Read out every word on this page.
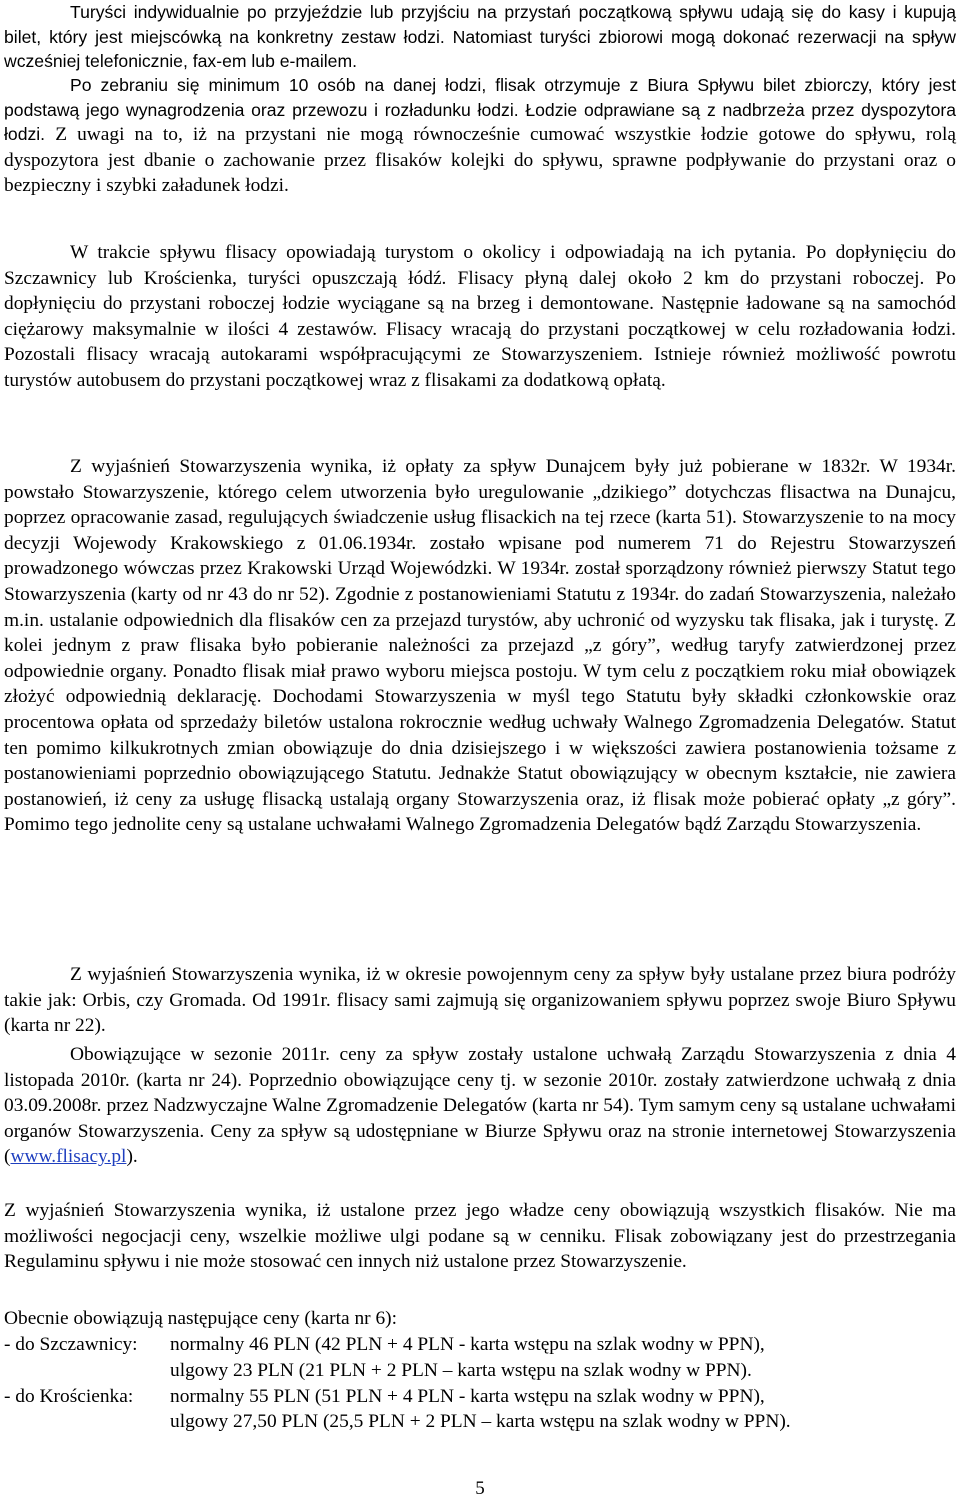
Turyści indywidualnie po przyjeździe lub przyjściu na przystań początkową spływu udają się do kasy i kupują bilet, który jest miejscówką na konkretny zestaw łodzi. Natomiast turyści zbiorowi mogą dokonać rezerwacji na spływ wcześniej telefonicznie, fax-em lub e-mailem.

Po zebraniu się minimum 10 osób na danej łodzi, flisak otrzymuje z Biura Spływu bilet zbiorczy, który jest podstawą jego wynagrodzenia oraz przewozu i rozładunku łodzi. Łodzie odprawiane są z nadbrzeża przez dyspozytora łodzi. Z uwagi na to, iż na przystani nie mogą równocześnie cumować wszystkie łodzie gotowe do spływu, rolą dyspozytora jest dbanie o zachowanie przez flisaków kolejki do spływu, sprawne podpływanie do przystani oraz o bezpieczny i szybki załadunek łodzi.

W trakcie spływu flisacy opowiadają turystom o okolicy i odpowiadają na ich pytania. Po dopłynięciu do Szczawnicy lub Krościenka, turyści opuszczają łódź. Flisacy płyną dalej około 2 km do przystani roboczej. Po dopłynięciu do przystani roboczej łodzie wyciągane są na brzeg i demontowane. Następnie ładowane są na samochód ciężarowy maksymalnie w ilości 4 zestawów. Flisacy wracają do przystani początkowej w celu rozładowania łodzi. Pozostali flisacy wracają autokarami współpracującymi ze Stowarzyszeniem. Istnieje również możliwość powrotu turystów autobusem do przystani początkowej wraz z flisakami za dodatkową opłatą.

Z wyjaśnień Stowarzyszenia wynika, iż opłaty za spływ Dunajcem były już pobierane w 1832r. W 1934r. powstało Stowarzyszenie, którego celem utworzenia było uregulowanie „dzikiego” dotychczas flisactwa na Dunajcu, poprzez opracowanie zasad, regulujących świadczenie usług flisackich na tej rzece (karta 51). Stowarzyszenie to na mocy decyzji Wojewody Krakowskiego z 01.06.1934r. zostało wpisane pod numerem 71 do Rejestru Stowarzyszeń prowadzonego wówczas przez Krakowski Urząd Wojewódzki. W 1934r. został sporządzony również pierwszy Statut tego Stowarzyszenia (karty od nr 43 do nr 52). Zgodnie z postanowieniami Statutu z 1934r. do zadań Stowarzyszenia, należało m.in. ustalanie odpowiednich dla flisaków cen za przejazd turystów, aby uchronić od wyzysku tak flisaka, jak i turystę. Z kolei jednym z praw flisaka było pobieranie należności za przejazd „z góry”, według taryfy zatwierdzonej przez odpowiednie organy. Ponadto flisak miał prawo wyboru miejsca postoju. W tym celu z początkiem roku miał obowiązek złożyć odpowiednią deklarację. Dochodami Stowarzyszenia w myśl tego Statutu były składki członkowskie oraz procentowa opłata od sprzedaży biletów ustalona rokrocznie według uchwały Walnego Zgromadzenia Delegatów. Statut ten pomimo kilkukrotnych zmian obowiązuje do dnia dzisiejszego i w większości zawiera postanowienia tożsame z postanowieniami poprzednio obowiązującego Statutu. Jednakże Statut obowiązujący w obecnym kształcie, nie zawiera postanowień, iż ceny za usługę flisacką ustalają organy Stowarzyszenia oraz, iż flisak może pobierać opłaty „z góry”. Pomimo tego jednolite ceny są ustalane uchwałami Walnego Zgromadzenia Delegatów bądź Zarządu Stowarzyszenia.

Z wyjaśnień Stowarzyszenia wynika, iż w okresie powojennym ceny za spływ były ustalane przez biura podróży takie jak: Orbis, czy Gromada. Od 1991r. flisacy sami zajmują się organizowaniem spływu poprzez swoje Biuro Spływu (karta nr 22).

Obowiązujące w sezonie 2011r. ceny za spływ zostały ustalone uchwałą Zarządu Stowarzyszenia z dnia 4 listopada 2010r. (karta nr 24). Poprzednio obowiązujące ceny tj. w sezonie 2010r. zostały zatwierdzone uchwałą z dnia 03.09.2008r. przez Nadzwyczajne Walne Zgromadzenie Delegatów (karta nr 54). Tym samym ceny są ustalane uchwałami organów Stowarzyszenia. Ceny za spływ są udostępniane w Biurze Spływu oraz na stronie internetowej Stowarzyszenia (www.flisacy.pl).

Z wyjaśnień Stowarzyszenia wynika, iż ustalone przez jego władze ceny obowiązują wszystkich flisaków. Nie ma możliwości negocjacji ceny, wszelkie możliwe ulgi podane są w cenniku. Flisak zobowiązany jest do przestrzegania Regulaminu spływu i nie może stosować cen innych niż ustalone przez Stowarzyszenie.

Obecnie obowiązują następujące ceny (karta nr 6):

- do Szczawnicy:	normalny 46 PLN (42 PLN + 4 PLN - karta wstępu na szlak wodny w PPN),
ulgowy 23 PLN (21 PLN + 2 PLN – karta wstępu na szlak wodny w PPN).
- do Krościenka:	normalny 55 PLN (51 PLN + 4 PLN - karta wstępu na szlak wodny w PPN),
ulgowy 27,50 PLN (25,5 PLN + 2 PLN – karta wstępu na szlak wodny w PPN).
5
